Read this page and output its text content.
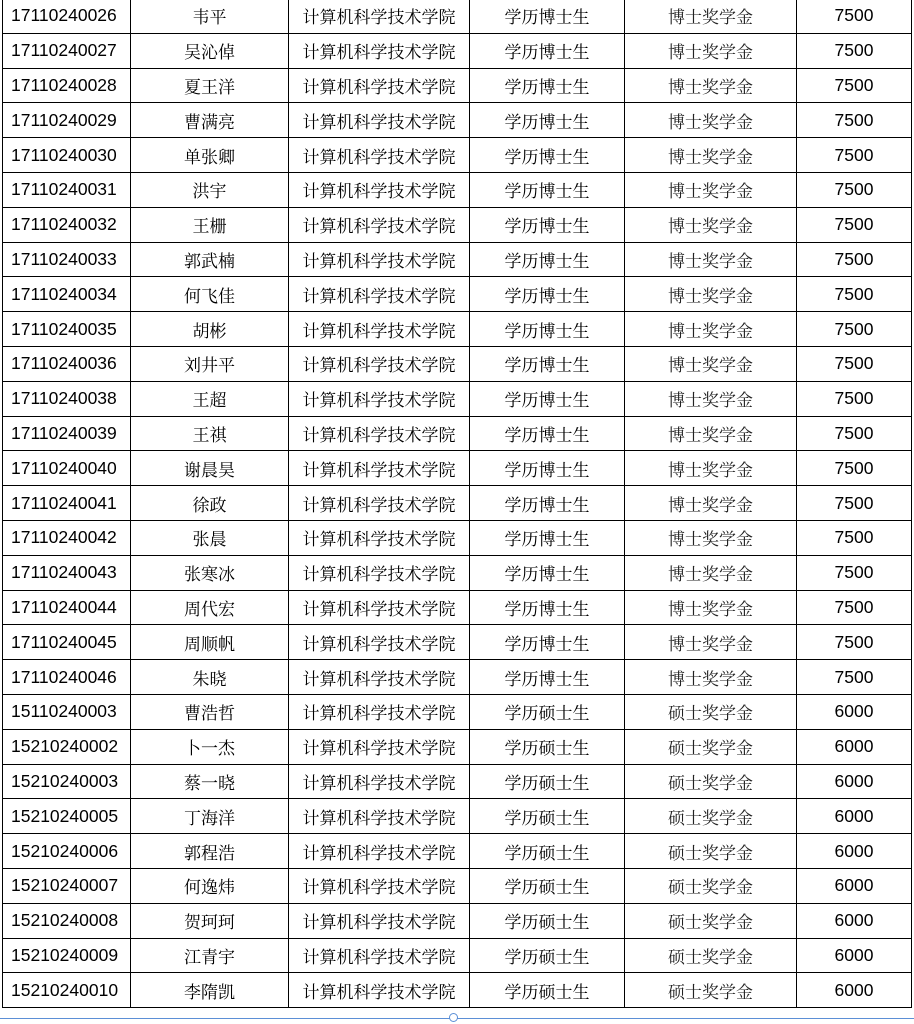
17110240026	韦平	计算机科学技术学院	学历博士生	博士奖学金	7500
17110240027	吴沁倬	计算机科学技术学院	学历博士生	博士奖学金	7500
17110240028	夏王洋	计算机科学技术学院	学历博士生	博士奖学金	7500
17110240029	曹满亮	计算机科学技术学院	学历博士生	博士奖学金	7500
17110240030	单张卿	计算机科学技术学院	学历博士生	博士奖学金	7500
17110240031	洪宇	计算机科学技术学院	学历博士生	博士奖学金	7500
17110240032	王栅	计算机科学技术学院	学历博士生	博士奖学金	7500
17110240033	郭武楠	计算机科学技术学院	学历博士生	博士奖学金	7500
17110240034	何飞佳	计算机科学技术学院	学历博士生	博士奖学金	7500
17110240035	胡彬	计算机科学技术学院	学历博士生	博士奖学金	7500
17110240036	刘井平	计算机科学技术学院	学历博士生	博士奖学金	7500
17110240038	王超	计算机科学技术学院	学历博士生	博士奖学金	7500
17110240039	王祺	计算机科学技术学院	学历博士生	博士奖学金	7500
17110240040	谢晨昊	计算机科学技术学院	学历博士生	博士奖学金	7500
17110240041	徐政	计算机科学技术学院	学历博士生	博士奖学金	7500
17110240042	张晨	计算机科学技术学院	学历博士生	博士奖学金	7500
17110240043	张寒冰	计算机科学技术学院	学历博士生	博士奖学金	7500
17110240044	周代宏	计算机科学技术学院	学历博士生	博士奖学金	7500
17110240045	周顺帆	计算机科学技术学院	学历博士生	博士奖学金	7500
17110240046	朱晓	计算机科学技术学院	学历博士生	博士奖学金	7500
15110240003	曹浩哲	计算机科学技术学院	学历硕士生	硕士奖学金	6000
15210240002	卜一杰	计算机科学技术学院	学历硕士生	硕士奖学金	6000
15210240003	蔡一晓	计算机科学技术学院	学历硕士生	硕士奖学金	6000
15210240005	丁海洋	计算机科学技术学院	学历硕士生	硕士奖学金	6000
15210240006	郭程浩	计算机科学技术学院	学历硕士生	硕士奖学金	6000
15210240007	何逸炜	计算机科学技术学院	学历硕士生	硕士奖学金	6000
15210240008	贺珂珂	计算机科学技术学院	学历硕士生	硕士奖学金	6000
15210240009	江青宇	计算机科学技术学院	学历硕士生	硕士奖学金	6000
15210240010	李隋凯	计算机科学技术学院	学历硕士生	硕士奖学金	6000
